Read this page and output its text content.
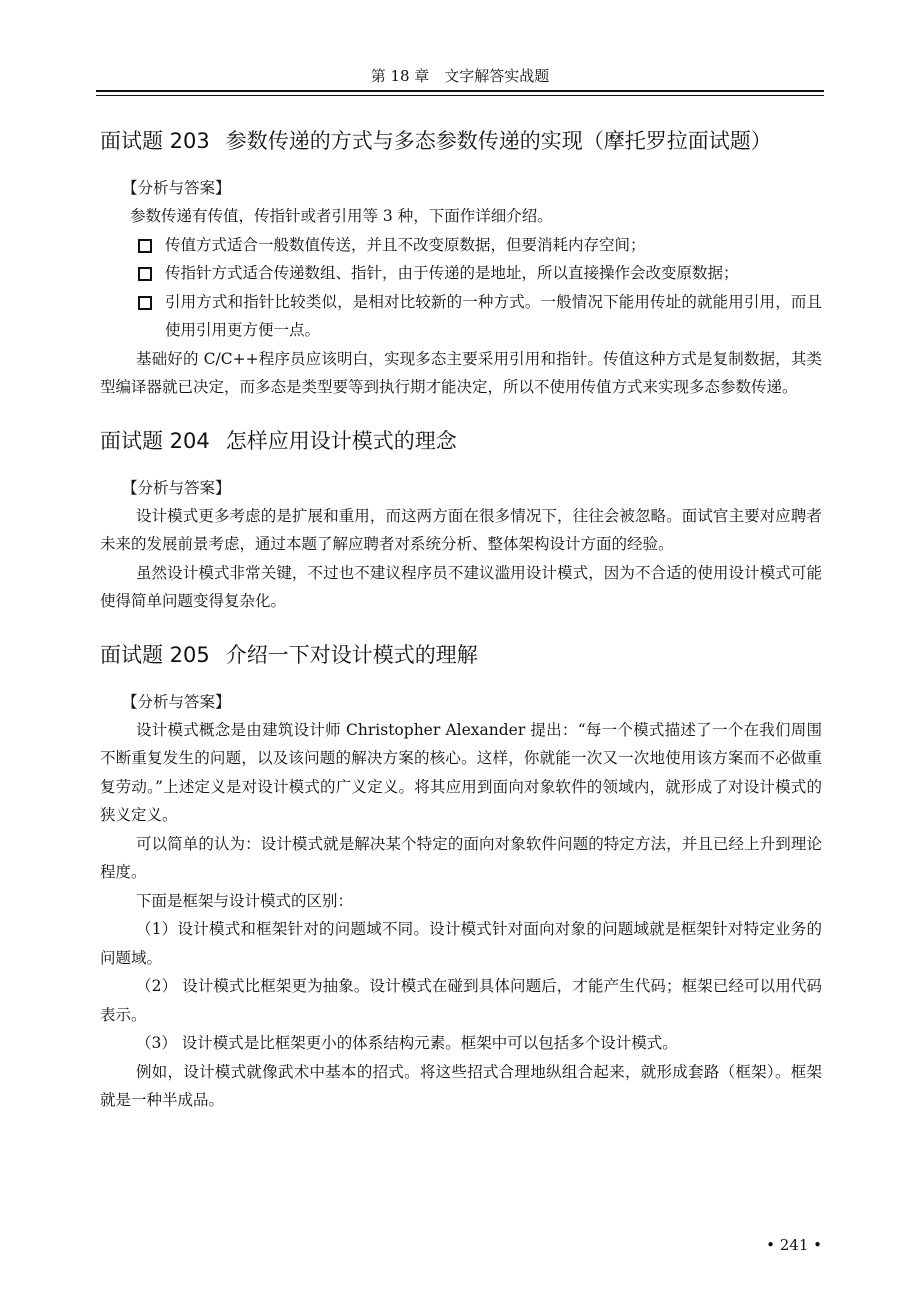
第 18 章　文字解答实战题
面试题 203 参数传递的方式与多态参数传递的实现（摩托罗拉面试题）
【分析与答案】

参数传递有传值，传指针或者引用等 3 种，下面作详细介绍。

传值方式适合一般数值传送，并且不改变原数据，但要消耗内存空间；
传指针方式适合传递数组、指针，由于传递的是地址，所以直接操作会改变原数据；
引用方式和指针比较类似，是相对比较新的一种方式。一般情况下能用传址的就能用引用，而且使用引用更方便一点。

基础好的 C/C++程序员应该明白，实现多态主要采用引用和指针。传值这种方式是复制数据，其类型编译器就已决定，而多态是类型要等到执行期才能决定，所以不使用传值方式来实现多态参数传递。

面试题 204 怎样应用设计模式的理念
【分析与答案】

设计模式更多考虑的是扩展和重用，而这两方面在很多情况下，往往会被忽略。面试官主要对应聘者未来的发展前景考虑，通过本题了解应聘者对系统分析、整体架构设计方面的经验。

虽然设计模式非常关键，不过也不建议程序员不建议滥用设计模式，因为不合适的使用设计模式可能使得简单问题变得复杂化。

面试题 205 介绍一下对设计模式的理解
【分析与答案】

设计模式概念是由建筑设计师 Christopher Alexander 提出：“每一个模式描述了一个在我们周围不断重复发生的问题，以及该问题的解决方案的核心。这样，你就能一次又一次地使用该方案而不必做重复劳动。”上述定义是对设计模式的广义定义。将其应用到面向对象软件的领域内，就形成了对设计模式的狭义定义。

可以简单的认为：设计模式就是解决某个特定的面向对象软件问题的特定方法，并且已经上升到理论程度。

下面是框架与设计模式的区别：

（1）设计模式和框架针对的问题域不同。设计模式针对面向对象的问题域就是框架针对特定业务的问题域。

（2） 设计模式比框架更为抽象。设计模式在碰到具体问题后，才能产生代码；框架已经可以用代码表示。

（3） 设计模式是比框架更小的体系结构元素。框架中可以包括多个设计模式。

例如，设计模式就像武术中基本的招式。将这些招式合理地纵组合起来，就形成套路（框架）。框架就是一种半成品。

• 241 •
